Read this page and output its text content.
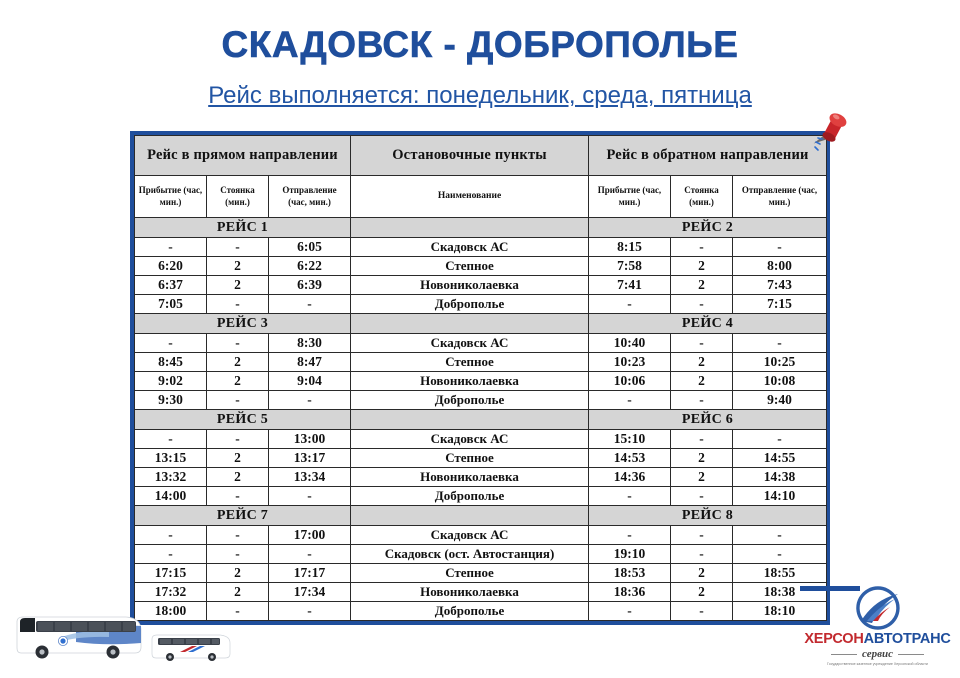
СКАДОВСК - ДОБРОПОЛЬЕ
Рейс выполняется: понедельник, среда, пятница
Рейс в прямом направлении			Остановочные пункты	Рейс в обратном направлении		
Прибытие (час, мин.)	Стоянка (мин.)	Отправление (час, мин.)	Наименование	Прибытие (час, мин.)	Стоянка (мин.)	Отправление (час, мин.)
РЕЙС 1				РЕЙС 2		
-	-	6:05	Скадовск АС	8:15	-	-
6:20	2	6:22	Степное	7:58	2	8:00
6:37	2	6:39	Новониколаевка	7:41	2	7:43
7:05	-	-	Доброполье	-	-	7:15
РЕЙС 3				РЕЙС 4		
-	-	8:30	Скадовск АС	10:40	-	-
8:45	2	8:47	Степное	10:23	2	10:25
9:02	2	9:04	Новониколаевка	10:06	2	10:08
9:30	-	-	Доброполье	-	-	9:40
РЕЙС 5				РЕЙС 6		
-	-	13:00	Скадовск АС	15:10	-	-
13:15	2	13:17	Степное	14:53	2	14:55
13:32	2	13:34	Новониколаевка	14:36	2	14:38
14:00	-	-	Доброполье	-	-	14:10
РЕЙС 7				РЕЙС 8		
-	-	17:00	Скадовск АС	-	-	-
-	-	-	Скадовск (ост. Автостанция)	19:10	-	-
17:15	2	17:17	Степное	18:53	2	18:55
17:32	2	17:34	Новониколаевка	18:36	2	18:38
18:00	-	-	Доброполье	-	-	18:10
ХЕРСОНАВТОТРАНС
сервис
Государственное казенное учреждение Херсонской области
